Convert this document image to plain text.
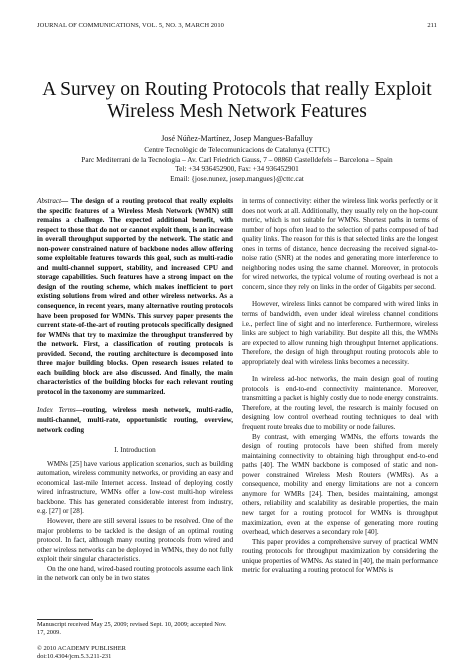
JOURNAL OF COMMUNICATIONS, VOL. 5, NO. 3, MARCH 2010	211
A Survey on Routing Protocols that really Exploit
Wireless Mesh Network Features
José Núñez-Martínez, Josep Mangues-Bafalluy
Centre Tecnològic de Telecomunicacions de Catalunya (CTTC)
Parc Mediterrani de la Tecnologia – Av. Carl Friedrich Gauss, 7 – 08860 Castelldefels – Barcelona – Spain
Tel: +34 936452900, Fax: +34 936452901
Email: {jose.nunez, josep.mangues}@cttc.cat
Abstract— The design of a routing protocol that really exploits the specific features of a Wireless Mesh Network (WMN) still remains a challenge. The expected additional benefit, with respect to those that do not or cannot exploit them, is an increase in overall throughput supported by the network. The static and non-power constrained nature of backbone nodes allow offering some exploitable features towards this goal, such as multi-radio and multi-channel support, stability, and increased CPU and storage capabilities. Such features have a strong impact on the design of the routing scheme, which makes inefficient to port existing solutions from wired and other wireless networks. As a consequence, in recent years, many alternative routing protocols have been proposed for WMNs. This survey paper presents the current state-of-the-art of routing protocols specifically designed for WMNs that try to maximize the throughput transferred by the network. First, a classification of routing protocols is provided. Second, the routing architecture is decomposed into three major building blocks. Open research issues related to each building block are also discussed. And finally, the main characteristics of the building blocks for each relevant routing protocol in the taxonomy are summarized.
Index Terms—routing, wireless mesh network, multi-radio, multi-channel, multi-rate, opportunistic routing, overview, network coding
I. Introduction

WMNs [25] have various application scenarios, such as building automation, wireless community networks, or providing an easy and economical last-mile Internet access. Instead of deploying costly wired infrastructure, WMNs offer a low-cost multi-hop wireless backbone. This has generated considerable interest from industry, e.g. [27] or [28].

However, there are still several issues to be resolved. One of the major problems to be tackled is the design of an optimal routing protocol. In fact, although many routing protocols from wired and other wireless networks can be deployed in WMNs, they do not fully exploit their singular characteristics.

On the one hand, wired-based routing protocols assume each link in the network can only be in two states

in terms of connectivity: either the wireless link works perfectly or it does not work at all. Additionally, they usually rely on the hop-count metric, which is not suitable for WMNs. Shortest paths in terms of number of hops often lead to the selection of paths composed of bad quality links. The reason for this is that selected links are the longest ones in terms of distance, hence decreasing the received signal-to-noise ratio (SNR) at the nodes and generating more interference to neighboring nodes using the same channel. Moreover, in protocols for wired networks, the typical volume of routing overhead is not a concern, since they rely on links in the order of Gigabits per second.

However, wireless links cannot be compared with wired links in terms of bandwidth, even under ideal wireless channel conditions i.e., perfect line of sight and no interference. Furthermore, wireless links are subject to high variability. But despite all this, the WMNs are expected to allow running high throughput Internet applications. Therefore, the design of high throughput routing protocols able to appropriately deal with wireless links becomes a necessity.

In wireless ad-hoc networks, the main design goal of routing protocols is end-to-end connectivity maintenance. Moreover, transmitting a packet is highly costly due to node energy constraints. Therefore, at the routing level, the research is mainly focused on designing low control overhead routing techniques to deal with frequent route breaks due to mobility or node failures.

By contrast, with emerging WMNs, the efforts towards the design of routing protocols have been shifted from merely maintaining connectivity to obtaining high throughput end-to-end paths [40]. The WMN backbone is composed of static and non-power constrained Wireless Mesh Routers (WMRs). As a consequence, mobility and energy limitations are not a concern anymore for WMRs [24]. Then, besides maintaining, amongst others, reliability and scalability as desirable properties, the main new target for a routing protocol for WMNs is throughput maximization, even at the expense of generating more routing overhead, which deserves a secondary role [40].

This paper provides a comprehensive survey of practical WMN routing protocols for throughput maximization by considering the unique properties of WMNs. As stated in [40], the main performance metric for evaluating a routing protocol for WMNs is

Manuscript received May 25, 2009; revised Sept. 10, 2009; accepted Nov. 17, 2009.
© 2010 ACADEMY PUBLISHER
doi:10.4304/jcm.5.3.211-231
